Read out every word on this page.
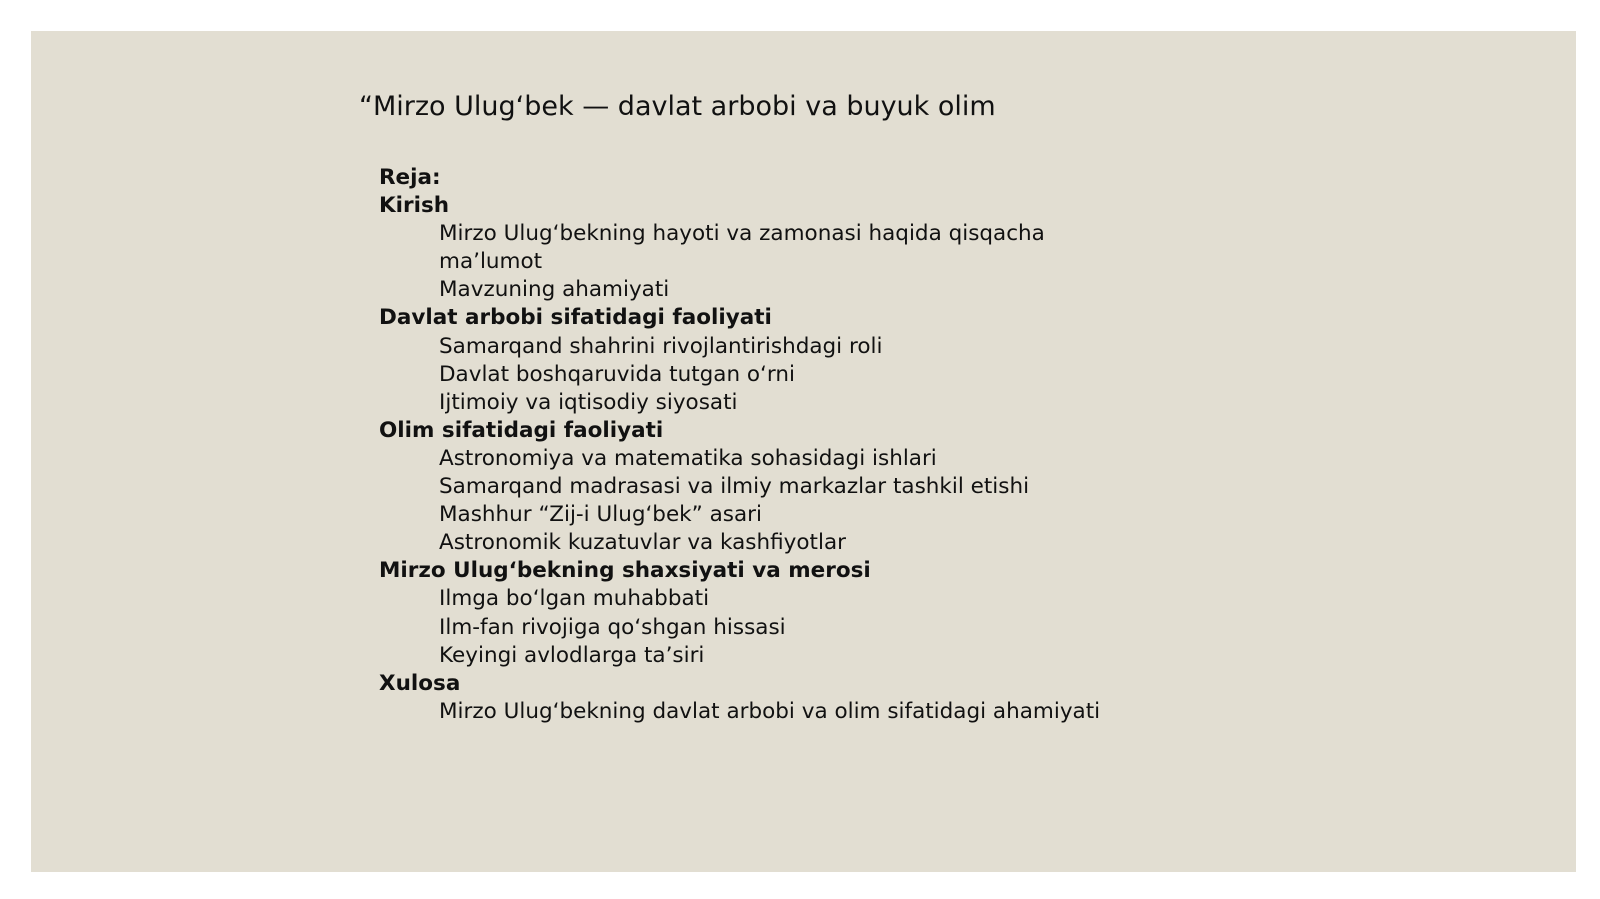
“Mirzo Ulug‘bek — davlat arbobi va buyuk olim
Reja:
Kirish
Mirzo Ulug‘bekning hayoti va zamonasi haqida qisqacha
ma’lumot
Mavzuning ahamiyati
Davlat arbobi sifatidagi faoliyati
Samarqand shahrini rivojlantirishdagi roli
Davlat boshqaruvida tutgan o‘rni
Ijtimoiy va iqtisodiy siyosati
Olim sifatidagi faoliyati
Astronomiya va matematika sohasidagi ishlari
Samarqand madrasasi va ilmiy markazlar tashkil etishi
Mashhur “Zij-i Ulug‘bek” asari
Astronomik kuzatuvlar va kashfiyotlar
Mirzo Ulug‘bekning shaxsiyati va merosi
Ilmga bo‘lgan muhabbati
Ilm-fan rivojiga qo‘shgan hissasi
Keyingi avlodlarga ta’siri
Xulosa
Mirzo Ulug‘bekning davlat arbobi va olim sifatidagi ahamiyati
